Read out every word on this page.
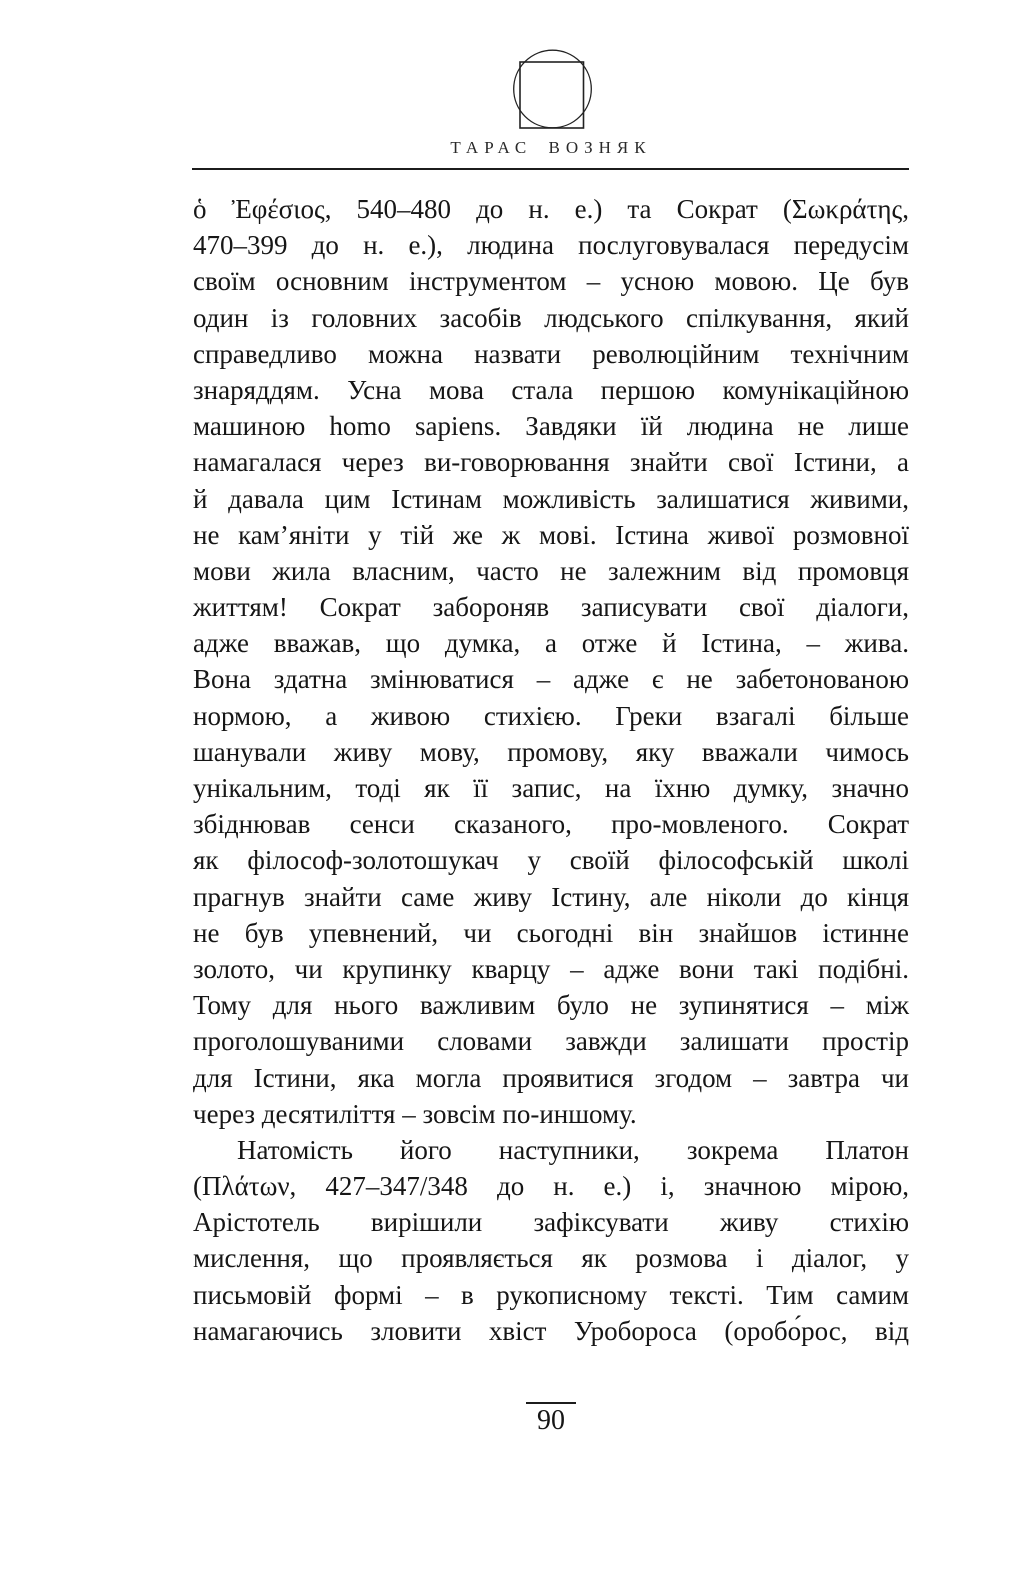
ТАРАС ВОЗНЯК
ὁ Ἐφέσιος, 540–480 до н. е.) та Сократ (Σωκράτης,
470–399 до н. е.), людина послуговувалася передусім
своїм основним інструментом – усною мовою. Це був
один із головних засобів людського спілкування, який
справедливо можна назвати революційним технічним
знаряддям. Усна мова стала першою комунікаційною
машиною homo sapiens. Завдяки їй людина не лише
намагалася через ви-говорювання знайти свої Істини, а
й давала цим Істинам можливість залишатися живими,
не кам’яніти у тій же ж мові. Істина живої розмовної
мови жила власним, часто не залежним від промовця
життям! Сократ забороняв записувати свої діалоги,
адже вважав, що думка, а отже й Істина, – жива.
Вона здатна змінюватися – адже є не забетонованою
нормою, а живою стихією. Греки взагалі більше
шанували живу мову, промову, яку вважали чимось
унікальним, тоді як її запис, на їхню думку, значно
збіднював сенси сказаного, про-мовленого. Сократ
як філософ-золотошукач у своїй філософській школі
прагнув знайти саме живу Істину, але ніколи до кінця
не був упевнений, чи сьогодні він знайшов істинне
золото, чи крупинку кварцу – адже вони такі подібні.
Тому для нього важливим було не зупинятися – між
проголошуваними словами завжди залишати простір
для Істини, яка могла проявитися згодом – завтра чи
через десятиліття – зовсім по-иншому.
Натомість його наступники, зокрема Платон
(Πλάτων, 427–347/348 до н. е.) і, значною мірою,
Арістотель вирішили зафіксувати живу стихію
мислення, що проявляється як розмова і діалог, у
письмовій формі – в рукописному тексті. Тим самим
намагаючись зловити хвіст Уробороса (оробо́рос, від
90
